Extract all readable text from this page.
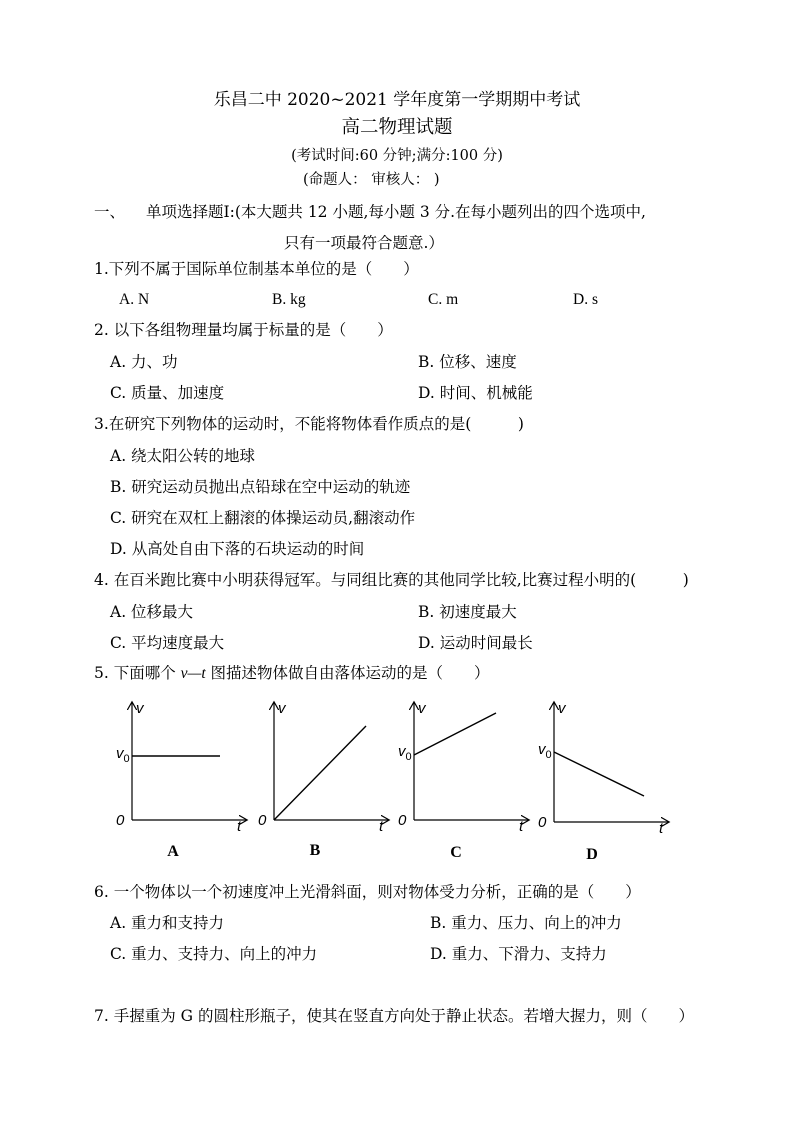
乐昌二中 2020~2021 学年度第一学期期中考试
高二物理试题
(考试时间:60 分钟;满分:100 分)
(命题人： 审核人： )
一、 单项选择题Ⅰ:(本大题共 12 小题,每小题 3 分.在每小题列出的四个选项中,
只有一项最符合题意.）
1.下列不属于国际单位制基本单位的是（　　）
A. N	B. kg	C. m	D. s
2. 以下各组物理量均属于标量的是（　　）
A. 力、功	B. 位移、速度
C. 质量、加速度	D. 时间、机械能
3.在研究下列物体的运动时，不能将物体看作质点的是(　　　)
A. 绕太阳公转的地球
B. 研究运动员抛出点铅球在空中运动的轨迹
C. 研究在双杠上翻滚的体操运动员,翻滚动作
D. 从高处自由下落的石块运动的时间
4. 在百米跑比赛中小明获得冠军。与同组比赛的其他同学比较,比赛过程小明的(　　　)
A. 位移最大	B. 初速度最大
C. 平均速度最大	D. 运动时间最长
5. 下面哪个 v—t 图描述物体做自由落体运动的是（　　）
v
t
0
$v_0$
A
v
t
0
B
v
t
0
$v_0$
C
v
t
0
$v_0$
D
6. 一个物体以一个初速度冲上光滑斜面，则对物体受力分析，正确的是（　　）
A. 重力和支持力	B. 重力、压力、向上的冲力
C. 重力、支持力、向上的冲力	D. 重力、下滑力、支持力
7. 手握重为 G 的圆柱形瓶子，使其在竖直方向处于静止状态。若增大握力，则（　　）
